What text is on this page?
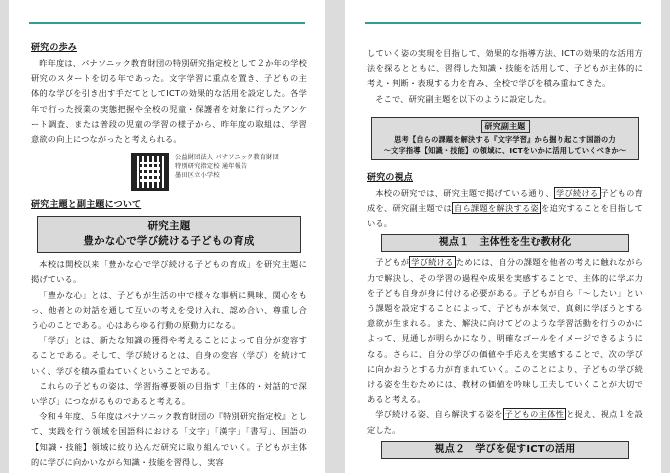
研究の歩み

昨年度は、パナソニック教育財団の特別研究指定校として２か年の学校研究のスタートを切る年であった。文字学習に重点を置き、子どもの主体的な学びを引き出す手だてとしてICTの効果的な活用を設定した。各学年で行った授業の実態把握や全校の児童・保護者を対象に行ったアンケート調査、または普段の児童の学習の様子から、昨年度の取組は、学習意欲の向上につながったと考えられる。

公益財団法人 パナソニック教育財団
特別研究指定校 通年報告
墨田区立小学校
研究主題と副主題について
研究主題
豊かな心で学び続ける子どもの育成

本校は開校以来「豊かな心で学び続ける子どもの育成」を研究主題に掲げている。

「豊かな心」とは、子どもが生活の中で様々な事柄に興味、関心をもっ、他者との対話を通して互いの考えを受け入れ、認め合い、尊重し合う心のことである。心はあらゆる行動の原動力になる。

「学び」とは、新たな知識の獲得や考えることによって自分が変容することである。そして、学び続けるとは、自身の変容（学び）を続けていく、学びを積み重ねていくということである。

これらの子どもの姿は、学習指導要領の目指す「主体的・対話的で深い学び」につながるものであると考える。

令和４年度、５年度はパナソニック教育財団の『特別研究指定校』として、実践を行う領域を国語科における「文字」「漢字」「書写」、国語の【知識・技能】領域に絞り込んだ研究に取り組んでいく。子どもが主体的に学びに向かいながら知識・技能を習得し、実容

していく姿の実現を目指して、効果的な指導方法、ICTの効果的な活用方法を探るとともに、習得した知識・技能を活用して、子どもが主体的に考え・判断・表現する力を育み、全校で学びを積み重ねてきた。

そこで、研究副主題を以下のように設定した。

研究副主題
思考【自らの課題を解決する『文字学習』から掘り起こす国語の力
～文字指導【知識・技能】の領域に、ICTをいかに活用していくべきか～
研究の視点

本校の研究では、研究主題で掲げている通り、 学び続ける 子どもの育成を、研究副主題では 自ら課題を解決する姿 を追究することを目指している。

視点１　主体性を生む教材化

子どもが 学び続ける ためには、自分の課題を他者の考えに触れながら力で解決し、その学習の過程や成果を実感することで、主体的に学ぶ力を子ども自身が身に付ける必要がある。子どもが自ら「～したい」という課題を設定することによって、子どもが本気で、真剣に学ぼうとする意欲が生まれる。また、解決に向けてどのような学習活動を行うのかによって、見通しが明らかになり、明確なゴールをイメージできるようになる。さらに、自分の学びの価値や手応えを実感することで、次の学びに向かおうとする力が育まれていく。このことにより、子どもの学び続ける姿を生むためには、教材の価値を吟味し工夫していくことが大切であると考える。

学び続ける姿、自ら解決する姿を 子どもの主体性 と捉え、視点１を設定した。

視点２　学びを促すICTの活用
